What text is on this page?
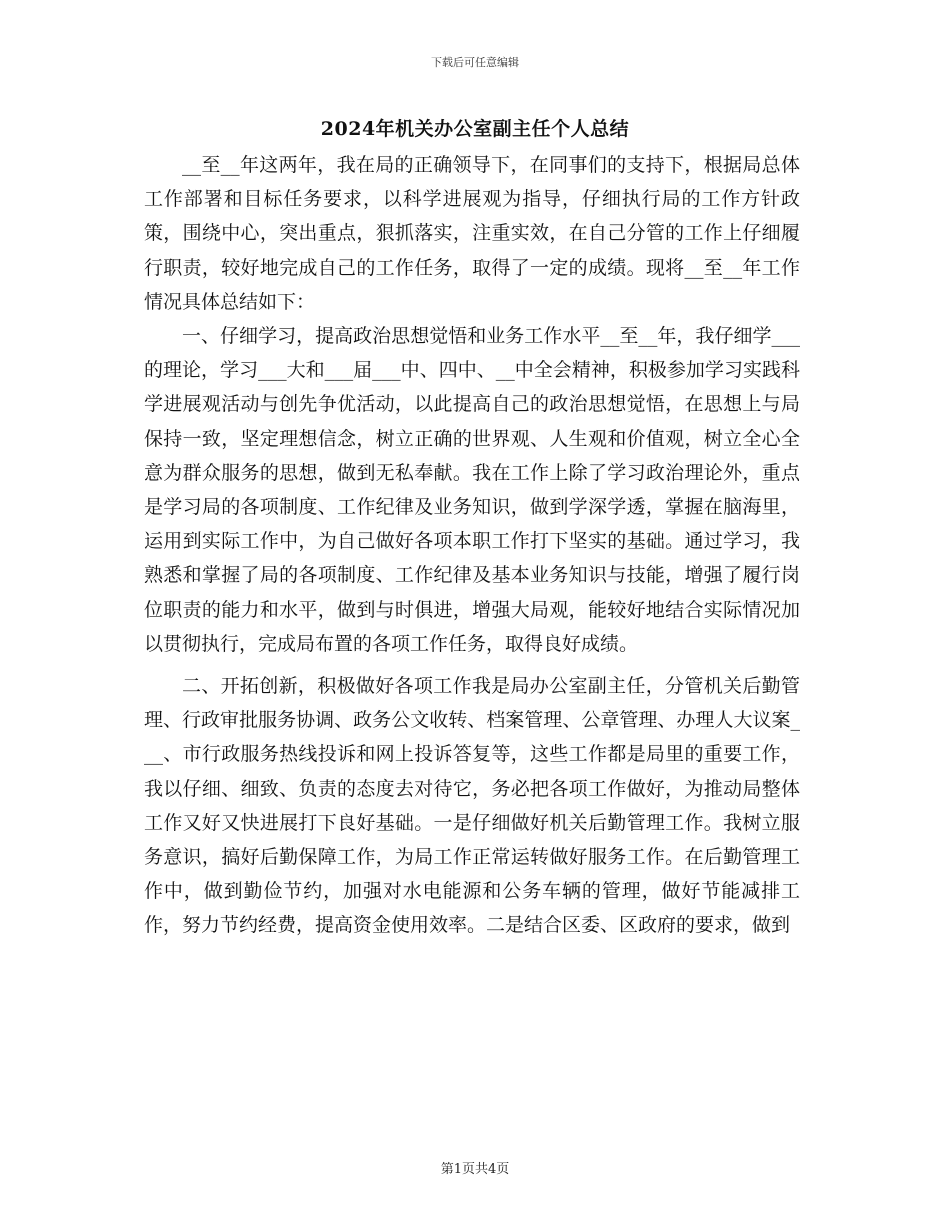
下载后可任意编辑
2024年机关办公室副主任个人总结

__至__年这两年，我在局的正确领导下，在同事们的支持下，根据局总体工作部署和目标任务要求，以科学进展观为指导，仔细执行局的工作方针政策，围绕中心，突出重点，狠抓落实，注重实效，在自己分管的工作上仔细履行职责，较好地完成自己的工作任务，取得了一定的成绩。现将__至__年工作情况具体总结如下：

一、仔细学习，提高政治思想觉悟和业务工作水平__至__年，我仔细学___的理论，学习___大和___届___中、四中、__中全会精神，积极参加学习实践科学进展观活动与创先争优活动，以此提高自己的政治思想觉悟，在思想上与局保持一致，坚定理想信念，树立正确的世界观、人生观和价值观，树立全心全意为群众服务的思想，做到无私奉献。我在工作上除了学习政治理论外，重点是学习局的各项制度、工作纪律及业务知识，做到学深学透，掌握在脑海里，运用到实际工作中，为自己做好各项本职工作打下坚实的基础。通过学习，我熟悉和掌握了局的各项制度、工作纪律及基本业务知识与技能，增强了履行岗位职责的能力和水平，做到与时俱进，增强大局观，能较好地结合实际情况加以贯彻执行，完成局布置的各项工作任务，取得良好成绩。

二、开拓创新，积极做好各项工作我是局办公室副主任，分管机关后勤管理、行政审批服务协调、政务公文收转、档案管理、公章管理、办理人大议案___、市行政服务热线投诉和网上投诉答复等，这些工作都是局里的重要工作，我以仔细、细致、负责的态度去对待它，务必把各项工作做好，为推动局整体工作又好又快进展打下良好基础。一是仔细做好机关后勤管理工作。我树立服务意识，搞好后勤保障工作，为局工作正常运转做好服务工作。在后勤管理工作中，做到勤俭节约，加强对水电能源和公务车辆的管理，做好节能减排工作，努力节约经费，提高资金使用效率。二是结合区委、区政府的要求，做到

第1页共4页
